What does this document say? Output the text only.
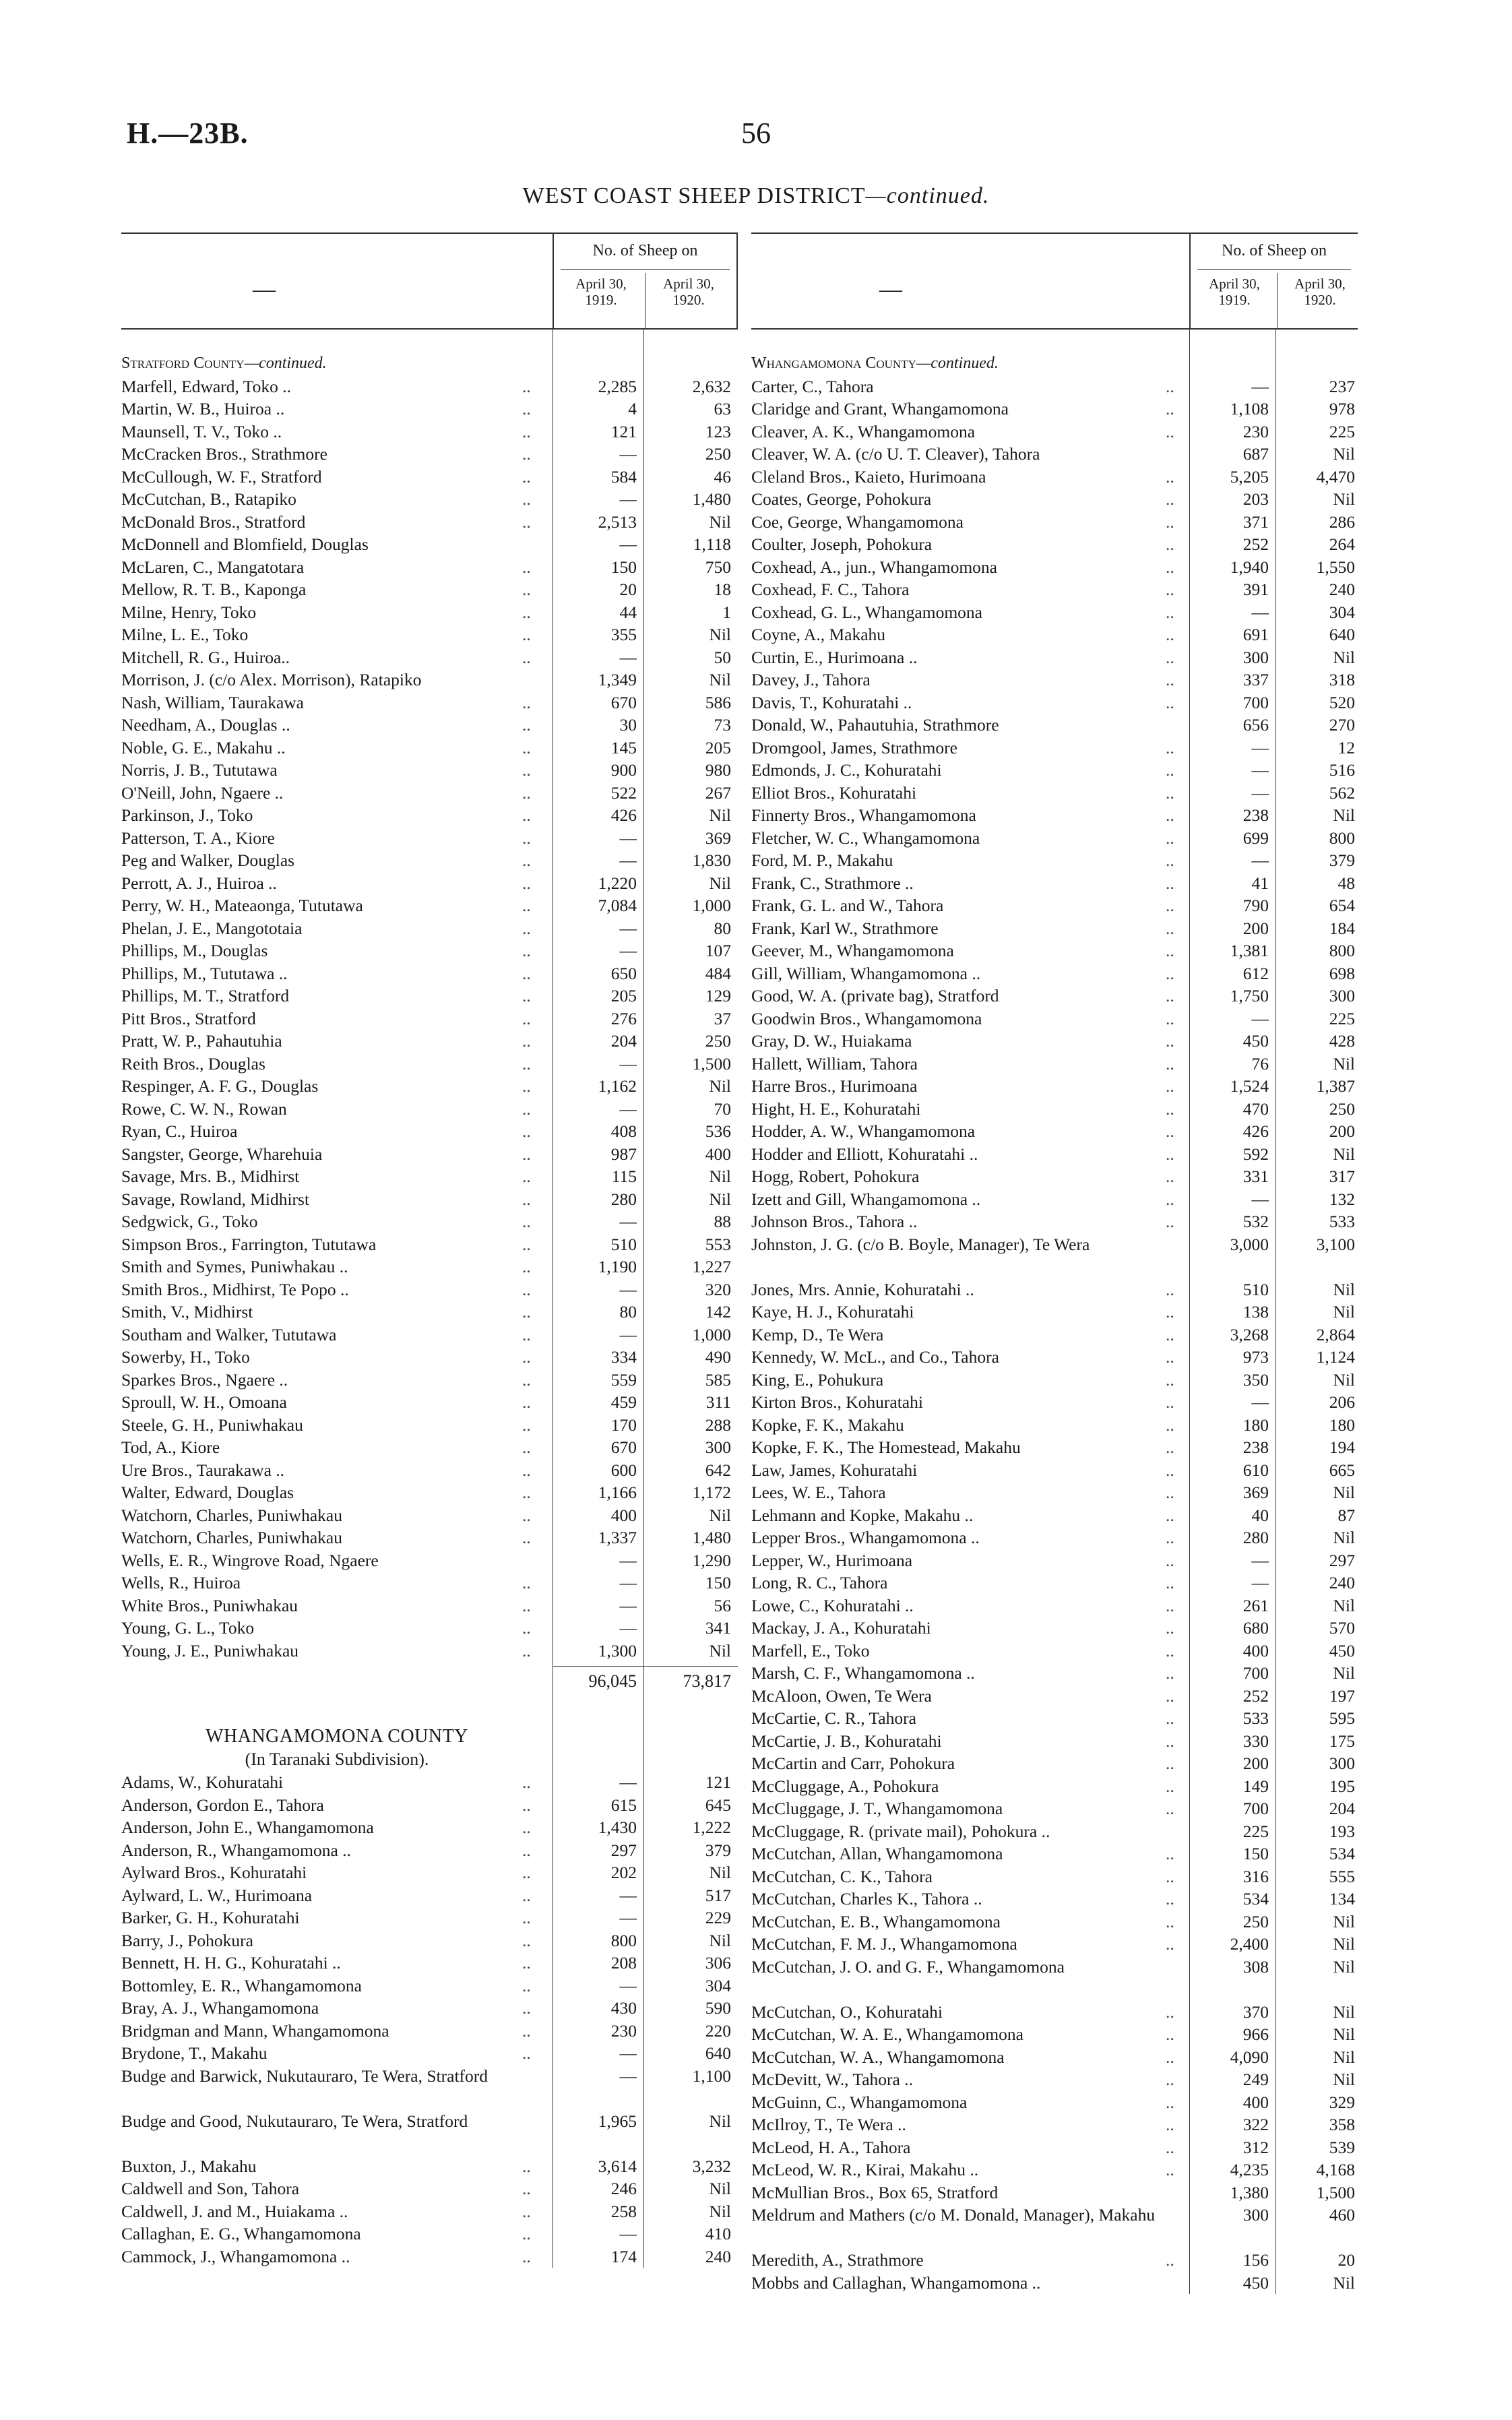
H.—23B.	56
WEST COAST SHEEP DISTRICT—continued.
—
No. of Sheep on
April 30, 1919.
April 30, 1920.
Stratford County—continued.
Marfell, Edward, Toko ..	..	2,285	2,632
Martin, W. B., Huiroa ..	..	4	63
Maunsell, T. V., Toko ..	..	121	123
McCracken Bros., Strathmore	..	—	250
McCullough, W. F., Stratford	..	584	46
McCutchan, B., Ratapiko	..	—	1,480
McDonald Bros., Stratford	..	2,513	Nil
McDonnell and Blomfield, Douglas	—	1,118
McLaren, C., Mangatotara	..	150	750
Mellow, R. T. B., Kaponga	..	20	18
Milne, Henry, Toko	..	44	1
Milne, L. E., Toko	..	355	Nil
Mitchell, R. G., Huiroa..	..	—	50
Morrison, J. (c/o Alex. Morrison), Ratapiko	1,349	Nil
Nash, William, Taurakawa	..	670	586
Needham, A., Douglas ..	..	30	73
Noble, G. E., Makahu ..	..	145	205
Norris, J. B., Tututawa	..	900	980
O'Neill, John, Ngaere ..	..	522	267
Parkinson, J., Toko	..	426	Nil
Patterson, T. A., Kiore	..	—	369
Peg and Walker, Douglas	..	—	1,830
Perrott, A. J., Huiroa ..	..	1,220	Nil
Perry, W. H., Mateaonga, Tututawa	..	7,084	1,000
Phelan, J. E., Mangototaia	..	—	80
Phillips, M., Douglas	..	—	107
Phillips, M., Tututawa ..	..	650	484
Phillips, M. T., Stratford	..	205	129
Pitt Bros., Stratford	..	276	37
Pratt, W. P., Pahautuhia	..	204	250
Reith Bros., Douglas	..	—	1,500
Respinger, A. F. G., Douglas	..	1,162	Nil
Rowe, C. W. N., Rowan	..	—	70
Ryan, C., Huiroa	..	408	536
Sangster, George, Wharehuia	..	987	400
Savage, Mrs. B., Midhirst	..	115	Nil
Savage, Rowland, Midhirst	..	280	Nil
Sedgwick, G., Toko	..	—	88
Simpson Bros., Farrington, Tututawa	..	510	553
Smith and Symes, Puniwhakau ..	..	1,190	1,227
Smith Bros., Midhirst, Te Popo ..	..	—	320
Smith, V., Midhirst	..	80	142
Southam and Walker, Tututawa	..	—	1,000
Sowerby, H., Toko	..	334	490
Sparkes Bros., Ngaere ..	..	559	585
Sproull, W. H., Omoana	..	459	311
Steele, G. H., Puniwhakau	..	170	288
Tod, A., Kiore	..	670	300
Ure Bros., Taurakawa ..	..	600	642
Walter, Edward, Douglas	..	1,166	1,172
Watchorn, Charles, Puniwhakau	..	400	Nil
Watchorn, Charles, Puniwhakau	..	1,337	1,480
Wells, E. R., Wingrove Road, Ngaere	—	1,290
Wells, R., Huiroa	..	—	150
White Bros., Puniwhakau	..	—	56
Young, G. L., Toko	..	—	341
Young, J. E., Puniwhakau	..	1,300	Nil
96,045	73,817
WHANGAMOMONA COUNTY
(In Taranaki Subdivision).
Adams, W., Kohuratahi	..	—	121
Anderson, Gordon E., Tahora	..	615	645
Anderson, John E., Whangamomona	..	1,430	1,222
Anderson, R., Whangamomona ..	..	297	379
Aylward Bros., Kohuratahi	..	202	Nil
Aylward, L. W., Hurimoana	..	—	517
Barker, G. H., Kohuratahi	..	—	229
Barry, J., Pohokura	..	800	Nil
Bennett, H. H. G., Kohuratahi ..	..	208	306
Bottomley, E. R., Whangamomona	..	—	304
Bray, A. J., Whangamomona	..	430	590
Bridgman and Mann, Whangamomona	..	230	220
Brydone, T., Makahu	..	—	640
Budge and Barwick, Nukutauraro, Te Wera, Stratford	—	1,100
Budge and Good, Nukutauraro, Te Wera, Stratford	1,965	Nil
Buxton, J., Makahu	..	3,614	3,232
Caldwell and Son, Tahora	..	246	Nil
Caldwell, J. and M., Huiakama ..	..	258	Nil
Callaghan, E. G., Whangamomona	..	—	410
Cammock, J., Whangamomona ..	..	174	240
—
No. of Sheep on
April 30, 1919.
April 30, 1920.
Whangamomona County—continued.
Carter, C., Tahora	..	—	237
Claridge and Grant, Whangamomona	..	1,108	978
Cleaver, A. K., Whangamomona	..	230	225
Cleaver, W. A. (c/o U. T. Cleaver), Tahora	687	Nil
Cleland Bros., Kaieto, Hurimoana	..	5,205	4,470
Coates, George, Pohokura	..	203	Nil
Coe, George, Whangamomona	..	371	286
Coulter, Joseph, Pohokura	..	252	264
Coxhead, A., jun., Whangamomona	..	1,940	1,550
Coxhead, F. C., Tahora	..	391	240
Coxhead, G. L., Whangamomona	..	—	304
Coyne, A., Makahu	..	691	640
Curtin, E., Hurimoana ..	..	300	Nil
Davey, J., Tahora	..	337	318
Davis, T., Kohuratahi ..	..	700	520
Donald, W., Pahautuhia, Strathmore	656	270
Dromgool, James, Strathmore	..	—	12
Edmonds, J. C., Kohuratahi	..	—	516
Elliot Bros., Kohuratahi	..	—	562
Finnerty Bros., Whangamomona	..	238	Nil
Fletcher, W. C., Whangamomona	..	699	800
Ford, M. P., Makahu	..	—	379
Frank, C., Strathmore ..	..	41	48
Frank, G. L. and W., Tahora	..	790	654
Frank, Karl W., Strathmore	..	200	184
Geever, M., Whangamomona	..	1,381	800
Gill, William, Whangamomona ..	..	612	698
Good, W. A. (private bag), Stratford	..	1,750	300
Goodwin Bros., Whangamomona	..	—	225
Gray, D. W., Huiakama	..	450	428
Hallett, William, Tahora	..	76	Nil
Harre Bros., Hurimoana	..	1,524	1,387
Hight, H. E., Kohuratahi	..	470	250
Hodder, A. W., Whangamomona	..	426	200
Hodder and Elliott, Kohuratahi ..	..	592	Nil
Hogg, Robert, Pohokura	..	331	317
Izett and Gill, Whangamomona ..	..	—	132
Johnson Bros., Tahora ..	..	532	533
Johnston, J. G. (c/o B. Boyle, Manager), Te Wera	3,000	3,100
Jones, Mrs. Annie, Kohuratahi ..	..	510	Nil
Kaye, H. J., Kohuratahi	..	138	Nil
Kemp, D., Te Wera	..	3,268	2,864
Kennedy, W. McL., and Co., Tahora	..	973	1,124
King, E., Pohukura	..	350	Nil
Kirton Bros., Kohuratahi	..	—	206
Kopke, F. K., Makahu	..	180	180
Kopke, F. K., The Homestead, Makahu	..	238	194
Law, James, Kohuratahi	..	610	665
Lees, W. E., Tahora	..	369	Nil
Lehmann and Kopke, Makahu ..	..	40	87
Lepper Bros., Whangamomona ..	..	280	Nil
Lepper, W., Hurimoana	..	—	297
Long, R. C., Tahora	..	—	240
Lowe, C., Kohuratahi ..	..	261	Nil
Mackay, J. A., Kohuratahi	..	680	570
Marfell, E., Toko	..	400	450
Marsh, C. F., Whangamomona ..	..	700	Nil
McAloon, Owen, Te Wera	..	252	197
McCartie, C. R., Tahora	..	533	595
McCartie, J. B., Kohuratahi	..	330	175
McCartin and Carr, Pohokura	..	200	300
McCluggage, A., Pohokura	..	149	195
McCluggage, J. T., Whangamomona	..	700	204
McCluggage, R. (private mail), Pohokura ..	225	193
McCutchan, Allan, Whangamomona	..	150	534
McCutchan, C. K., Tahora	..	316	555
McCutchan, Charles K., Tahora ..	..	534	134
McCutchan, E. B., Whangamomona	..	250	Nil
McCutchan, F. M. J., Whangamomona	..	2,400	Nil
McCutchan, J. O. and G. F., Whangamomona	308	Nil
McCutchan, O., Kohuratahi	..	370	Nil
McCutchan, W. A. E., Whangamomona	..	966	Nil
McCutchan, W. A., Whangamomona	..	4,090	Nil
McDevitt, W., Tahora ..	..	249	Nil
McGuinn, C., Whangamomona	..	400	329
McIlroy, T., Te Wera ..	..	322	358
McLeod, H. A., Tahora	..	312	539
McLeod, W. R., Kirai, Makahu ..	..	4,235	4,168
McMullian Bros., Box 65, Stratford	1,380	1,500
Meldrum and Mathers (c/o M. Donald, Manager), Makahu	300	460
Meredith, A., Strathmore	..	156	20
Mobbs and Callaghan, Whangamomona ..	450	Nil
